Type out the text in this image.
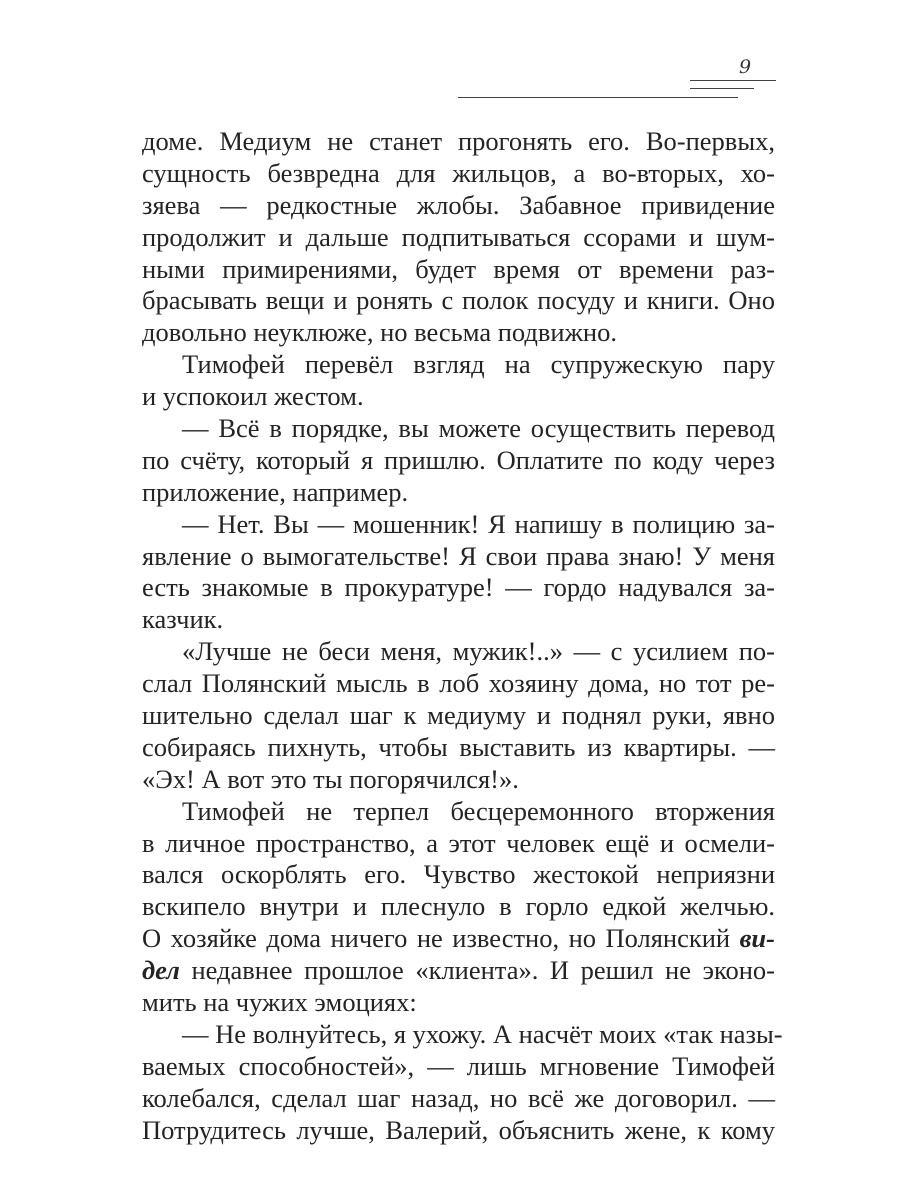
9
доме. Медиум не станет прогонять его. Во-первых,
сущность безвредна для жильцов, а во-вторых, хо-
зяева — редкостные жлобы. Забавное привидение
продолжит и дальше подпитываться ссорами и шум-
ными примирениями, будет время от времени раз-
брасывать вещи и ронять с полок посуду и книги. Оно
довольно неуклюже, но весьма подвижно.
Тимофей перевёл взгляд на супружескую пару
и успокоил жестом.
— Всё в порядке, вы можете осуществить перевод
по счёту, который я пришлю. Оплатите по коду через
приложение, например.
— Нет. Вы — мошенник! Я напишу в полицию за-
явление о вымогательстве! Я свои права знаю! У меня
есть знакомые в прокуратуре! — гордо надувался за-
казчик.
«Лучше не беси меня, мужик!..» — с усилием по-
слал Полянский мысль в лоб хозяину дома, но тот ре-
шительно сделал шаг к медиуму и поднял руки, явно
собираясь пихнуть, чтобы выставить из квартиры. —
«Эх! А вот это ты погорячился!».
Тимофей не терпел бесцеремонного вторжения
в личное пространство, а этот человек ещё и осмели-
вался оскорблять его. Чувство жестокой неприязни
вскипело внутри и плеснуло в горло едкой желчью.
О хозяйке дома ничего не известно, но Полянский ви-
дел недавнее прошлое «клиента». И решил не эконо-
мить на чужих эмоциях:
— Не волнуйтесь, я ухожу. А насчёт моих «так назы-
ваемых способностей», — лишь мгновение Тимофей
колебался, сделал шаг назад, но всё же договорил. —
Потрудитесь лучше, Валерий, объяснить жене, к кому
